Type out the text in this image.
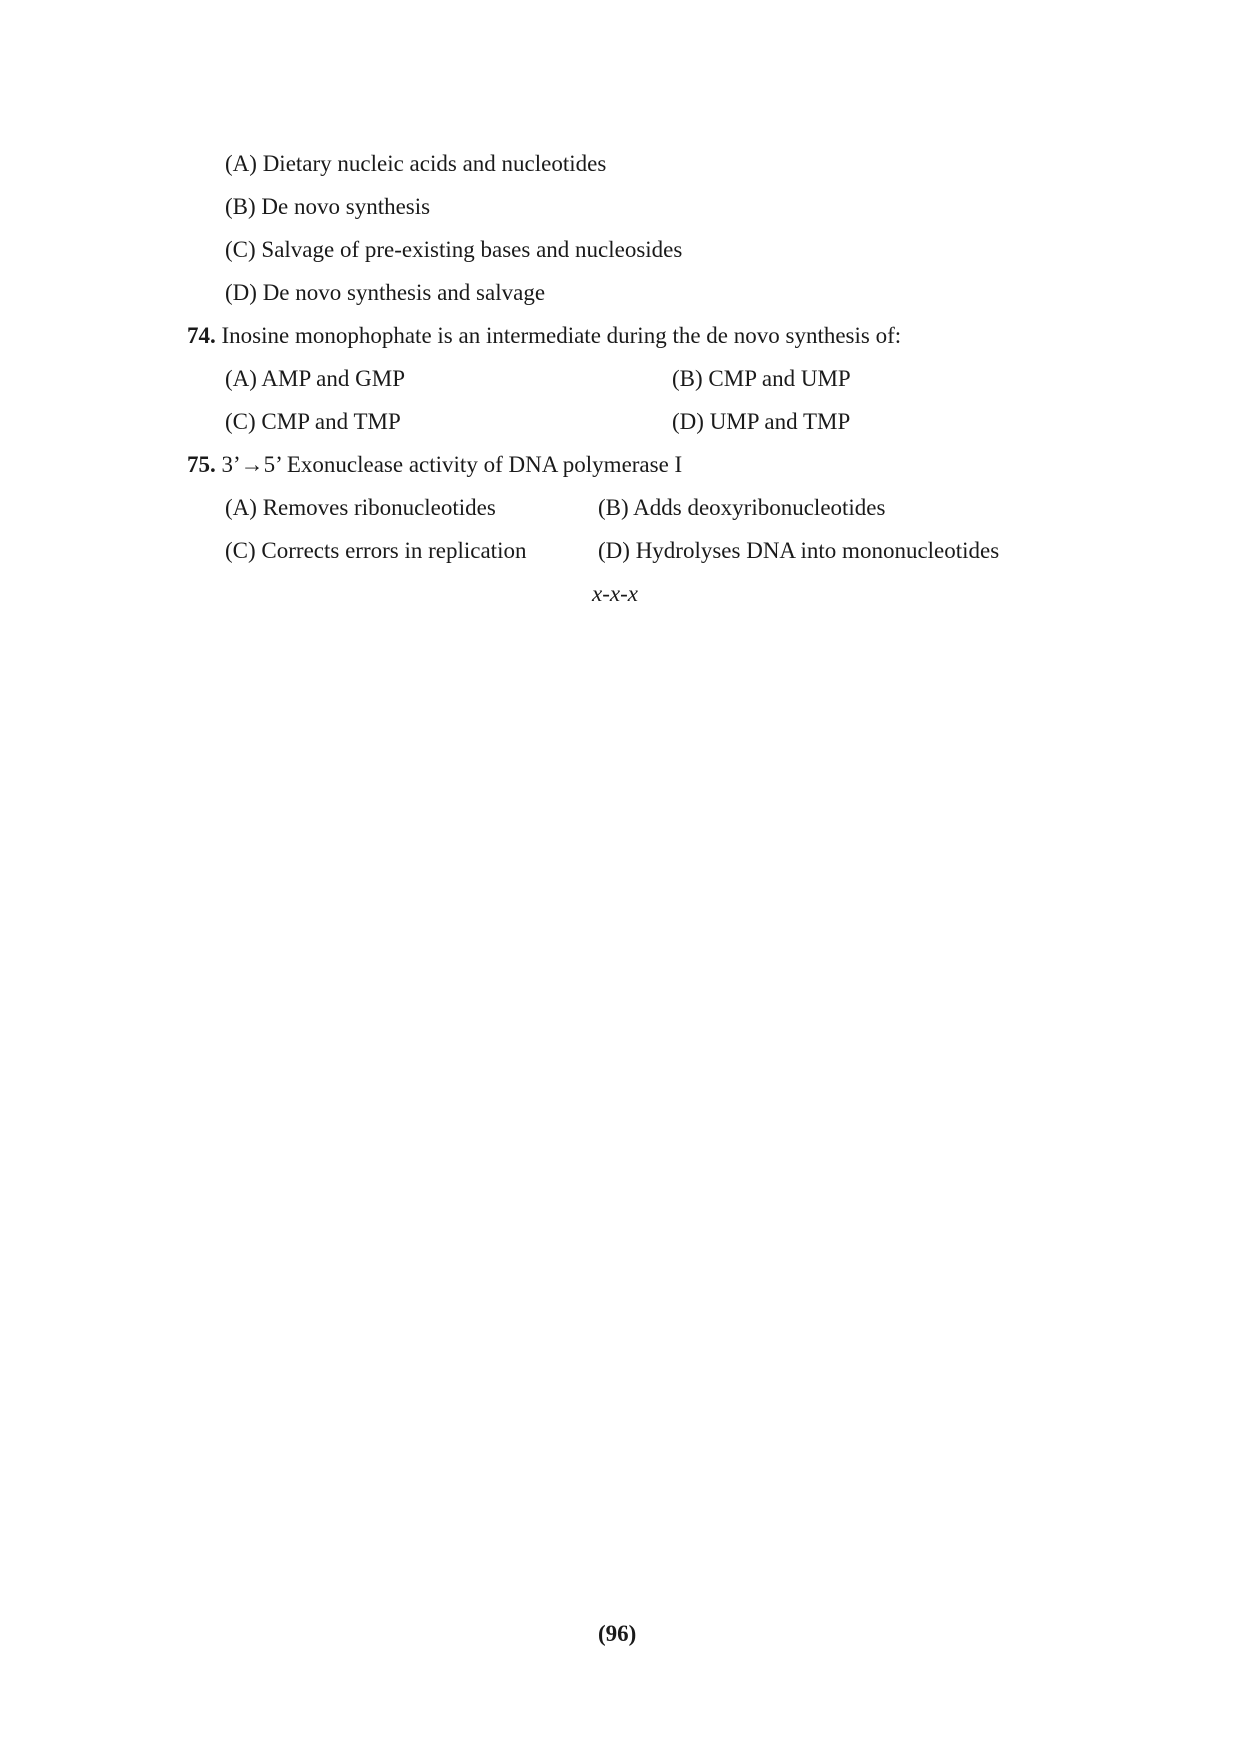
(A) Dietary nucleic acids and nucleotides
(B) De novo synthesis
(C) Salvage of pre-existing bases and nucleosides
(D) De novo synthesis and salvage
74. Inosine monophophate is an intermediate during the de novo synthesis of:
(A) AMP and GMP	(B) CMP and UMP
(C) CMP and TMP	(D) UMP and TMP
75. 3’→5’ Exonuclease activity of DNA polymerase I
(A) Removes ribonucleotides	(B) Adds deoxyribonucleotides
(C) Corrects errors in replication	(D) Hydrolyses DNA into mononucleotides
x-x-x
(96)
